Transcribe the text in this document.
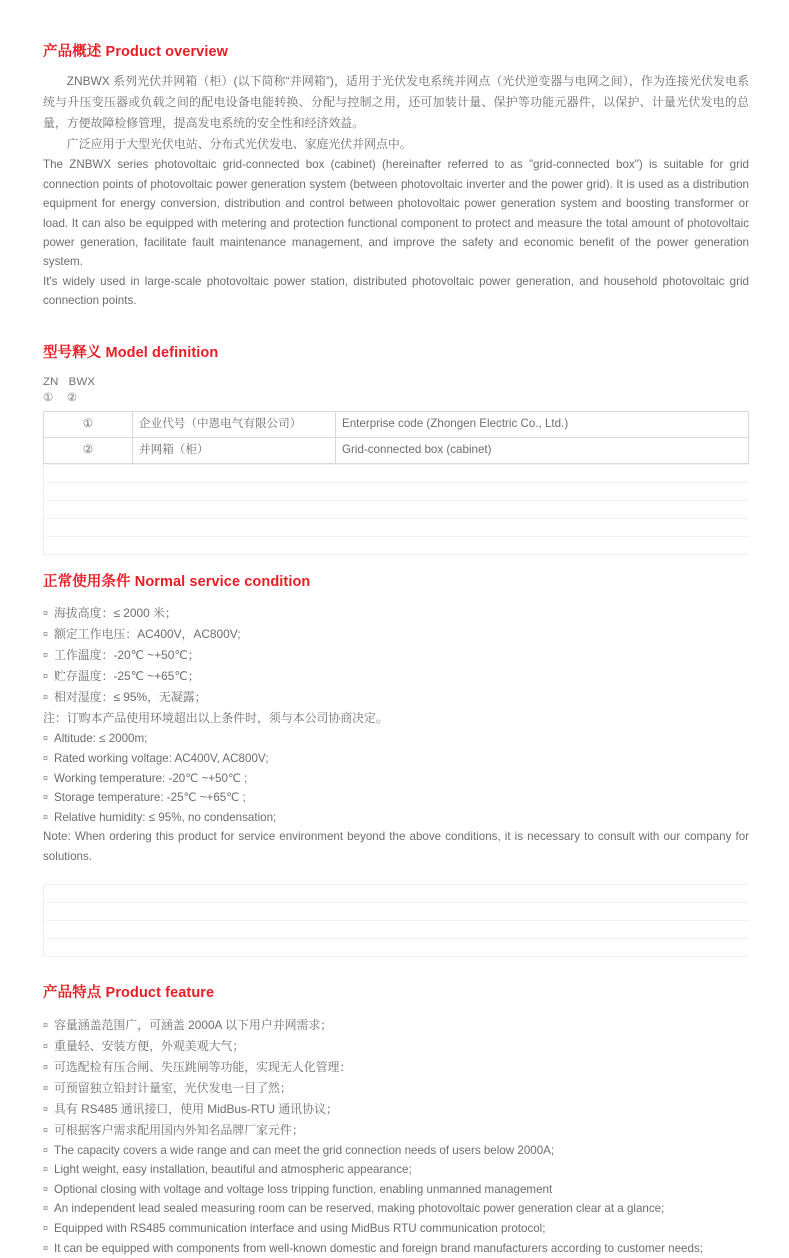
产品概述 Product overview

ZNBWX 系列光伏并网箱（柜）(以下简称“并网箱”)，适用于光伏发电系统并网点（光伏逆变器与电网之间），作为连接光伏发电系统与升压变压器或负载之间的配电设备电能转换、分配与控制之用，还可加装计量、保护等功能元器件，以保护、计量光伏发电的总量，方便故障检修管理，提高发电系统的安全性和经济效益。

广泛应用于大型光伏电站、分布式光伏发电、家庭光伏并网点中。

The ZNBWX series photovoltaic grid-connected box (cabinet) (hereinafter referred to as "grid-connected box") is suitable for grid connection points of photovoltaic power generation system (between photovoltaic inverter and the power grid). It is used as a distribution equipment for energy conversion, distribution and control between photovoltaic power generation system and boosting transformer or load. It can also be equipped with metering and protection functional component to protect and measure the total amount of photovoltaic power generation, facilitate fault maintenance management, and improve the safety and economic benefit of the power generation system.

It's widely used in large-scale photovoltaic power station, distributed photovoltaic power generation, and household photovoltaic grid connection points.

型号释义 Model definition
ZN   BWX
①    ②
①	企业代号（中恩电气有限公司）	Enterprise code (Zhongen Electric Co., Ltd.)
②	并网箱（柜）	Grid-connected box (cabinet)

正常使用条件 Normal service condition
¤ 海拔高度：≤ 2000 米；
¤ 额定工作电压：AC400V，AC800V;
¤ 工作温度：-20℃ ~+50℃；
¤ 贮存温度：-25℃ ~+65℃；
¤ 相对湿度：≤ 95%，无凝露；
注：订购本产品使用环境超出以上条件时，须与本公司协商决定。
¤ Altitude: ≤ 2000m;
¤ Rated working voltage: AC400V, AC800V;
¤ Working temperature: -20℃ ~+50℃ ;
¤ Storage temperature: -25℃ ~+65℃ ;
¤ Relative humidity: ≤ 95%, no condensation;

Note: When ordering this product for service environment beyond the above conditions, it is necessary to consult with our company for solutions.

产品特点 Product feature
¤ 容量涵盖范围广，可涵盖 2000A 以下用户并网需求；
¤ 重量轻、安装方便，外观美观大气；
¤ 可选配检有压合闸、失压跳闸等功能，实现无人化管理：
¤ 可预留独立铅封计量室，光伏发电一目了然；
¤ 具有 RS485 通讯接口，使用 MidBus-RTU 通讯协议；
¤ 可根据客户需求配用国内外知名品牌厂家元件；
¤ The capacity covers a wide range and can meet the grid connection needs of users below 2000A;
¤ Light weight, easy installation, beautiful and atmospheric appearance;
¤ Optional closing with voltage and voltage loss tripping function, enabling unmanned management
¤ An independent lead sealed measuring room can be reserved, making photovoltaic power generation clear at a glance;
¤ Equipped with RS485 communication interface and using MidBus RTU communication protocol;
¤ It can be equipped with components from well-known domestic and foreign brand manufacturers according to customer needs;
